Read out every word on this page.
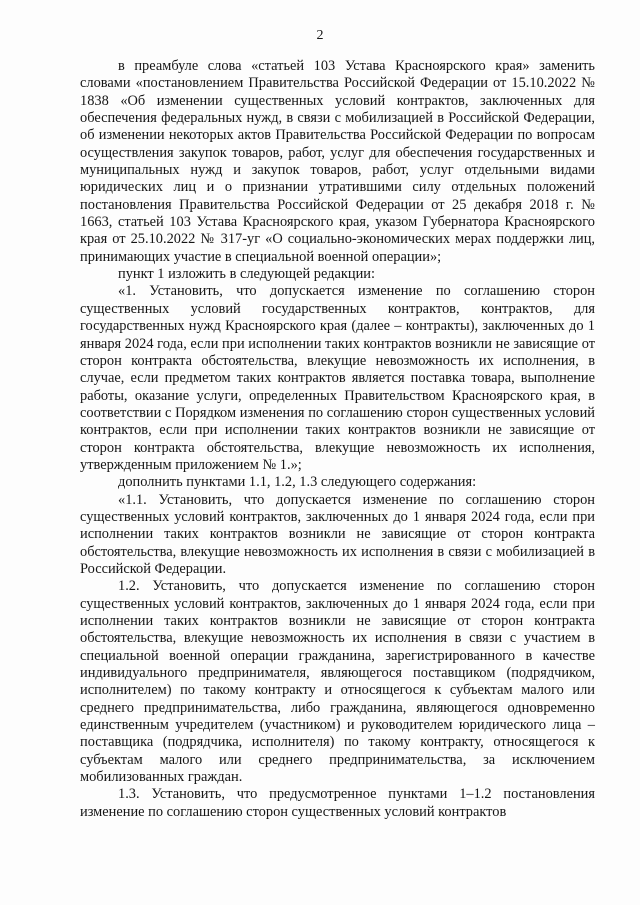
2

в преамбуле слова «статьей 103 Устава Красноярского края» заменить словами «постановлением Правительства Российской Федерации от 15.10.2022 № 1838 «Об изменении существенных условий контрактов, заключенных для обеспечения федеральных нужд, в связи с мобилизацией в Российской Федерации, об изменении некоторых актов Правительства Российской Федерации по вопросам осуществления закупок товаров, работ, услуг для обеспечения государственных и муниципальных нужд и закупок товаров, работ, услуг отдельными видами юридических лиц и о признании утратившими силу отдельных положений постановления Правительства Российской Федерации от 25 декабря 2018 г. № 1663, статьей 103 Устава Красноярского края, указом Губернатора Красноярского края от 25.10.2022 № 317-уг «О социально-экономических мерах поддержки лиц, принимающих участие в специальной военной операции»;

пункт 1 изложить в следующей редакции:

«1. Установить, что допускается изменение по соглашению сторон существенных условий государственных контрактов, контрактов, для государственных нужд Красноярского края (далее – контракты), заключенных до 1 января 2024 года, если при исполнении таких контрактов возникли не зависящие от сторон контракта обстоятельства, влекущие невозможность их исполнения, в случае, если предметом таких контрактов является поставка товара, выполнение работы, оказание услуги, определенных Правительством Красноярского края, в соответствии с Порядком изменения по соглашению сторон существенных условий контрактов, если при исполнении таких контрактов возникли не зависящие от сторон контракта обстоятельства, влекущие невозможность их исполнения, утвержденным приложением № 1.»;

дополнить пунктами 1.1, 1.2, 1.3 следующего содержания:

«1.1. Установить, что допускается изменение по соглашению сторон существенных условий контрактов, заключенных до 1 января 2024 года, если при исполнении таких контрактов возникли не зависящие от сторон контракта обстоятельства, влекущие невозможность их исполнения в связи с мобилизацией в Российской Федерации.

1.2. Установить, что допускается изменение по соглашению сторон существенных условий контрактов, заключенных до 1 января 2024 года, если при исполнении таких контрактов возникли не зависящие от сторон контракта обстоятельства, влекущие невозможность их исполнения в связи с участием в специальной военной операции гражданина, зарегистрированного в качестве индивидуального предпринимателя, являющегося поставщиком (подрядчиком, исполнителем) по такому контракту и относящегося к субъектам малого или среднего предпринимательства, либо гражданина, являющегося одновременно единственным учредителем (участником) и руководителем юридического лица – поставщика (подрядчика, исполнителя) по такому контракту, относящегося к субъектам малого или среднего предпринимательства, за исключением мобилизованных граждан.

1.3. Установить, что предусмотренное пунктами 1–1.2 постановления изменение по соглашению сторон существенных условий контрактов
